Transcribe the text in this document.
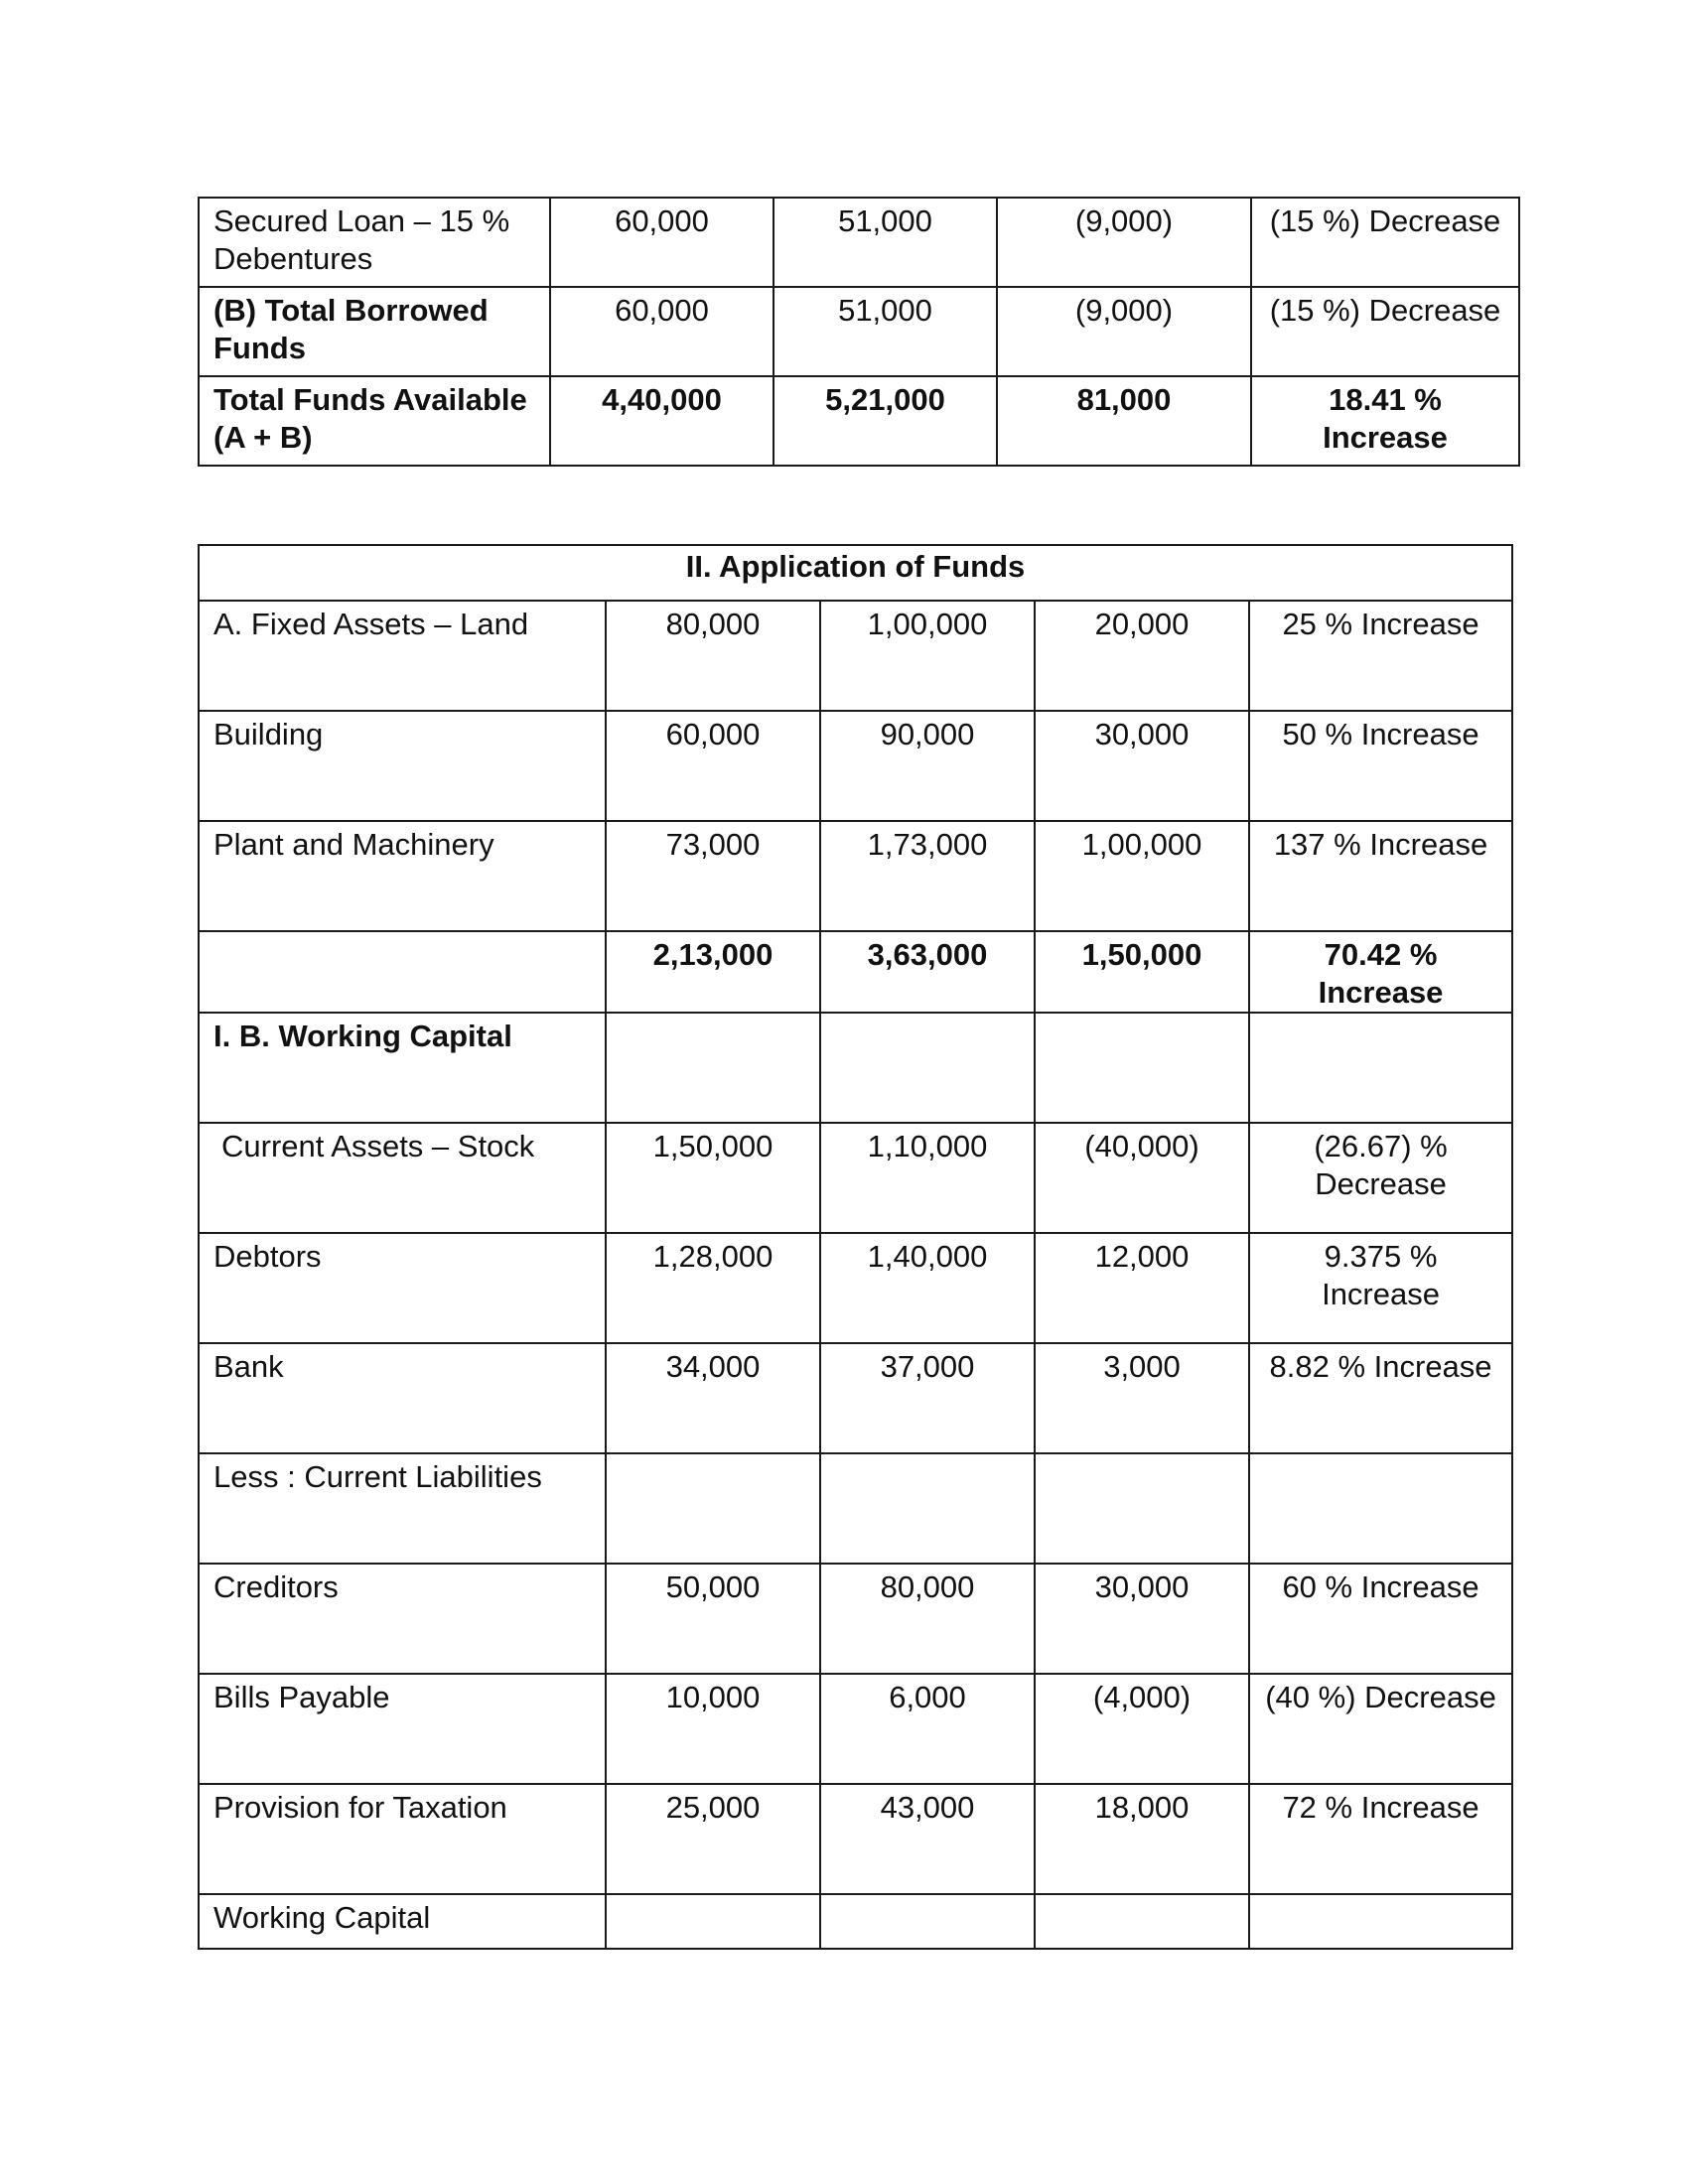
Secured Loan – 15 % Debentures	60,000	51,000	(9,000)	(15 %) Decrease
(B) Total Borrowed Funds	60,000	51,000	(9,000)	(15 %) Decrease
Total Funds Available (A + B)	4,40,000	5,21,000	81,000	18.41 % Increase
II. Application of Funds				
A. Fixed Assets – Land	80,000	1,00,000	20,000	25 % Increase
Building	60,000	90,000	30,000	50 % Increase
Plant and Machinery	73,000	1,73,000	1,00,000	137 % Increase
	2,13,000	3,63,000	1,50,000	70.42 % Increase
I. B. Working Capital				
Current Assets – Stock	1,50,000	1,10,000	(40,000)	(26.67) % Decrease
Debtors	1,28,000	1,40,000	12,000	9.375 % Increase
Bank	34,000	37,000	3,000	8.82 % Increase
Less : Current Liabilities				
Creditors	50,000	80,000	30,000	60 % Increase
Bills Payable	10,000	6,000	(4,000)	(40 %) Decrease
Provision for Taxation	25,000	43,000	18,000	72 % Increase
Working Capital				
